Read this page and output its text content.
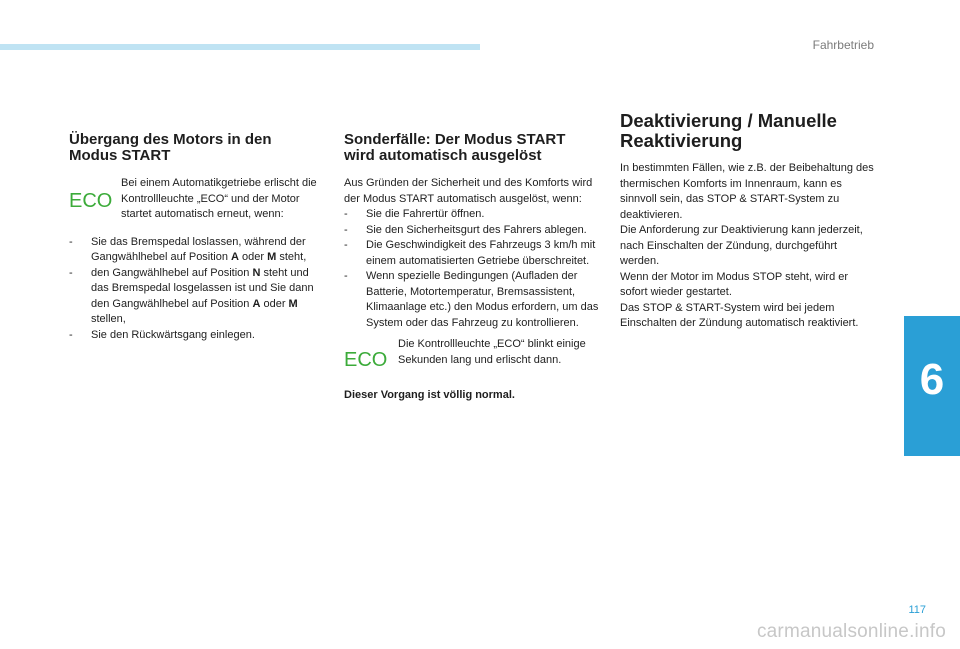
Fahrbetrieb
6
Übergang des Motors in den
Modus START
ECO

Bei einem Automatikgetriebe erlischt die Kontrollleuchte „ECO“ und der Motor startet automatisch erneut, wenn:

- Sie das Bremspedal loslassen, während der Gangwählhebel auf Position A oder M steht,
- den Gangwählhebel auf Position N steht und das Bremspedal losgelassen ist und Sie dann den Gangwählhebel auf Position A oder M stellen,
- Sie den Rückwärtsgang einlegen.
Sonderfälle: Der Modus START
wird automatisch ausgelöst

Aus Gründen der Sicherheit und des Komforts wird der Modus START automatisch ausgelöst, wenn:

- Sie die Fahrertür öffnen.
- Sie den Sicherheitsgurt des Fahrers ablegen.
- Die Geschwindigkeit des Fahrzeugs 3 km/h mit einem automatisierten Getriebe überschreitet.
- Wenn spezielle Bedingungen (Aufladen der Batterie, Motortemperatur, Bremsassistent, Klimaanlage etc.) den Modus erfordern, um das System oder das Fahrzeug zu kontrollieren.
ECO

Die Kontrollleuchte „ECO“ blinkt einige Sekunden lang und erlischt dann.

Dieser Vorgang ist völlig normal.

Deaktivierung / Manuelle
Reaktivierung

In bestimmten Fällen, wie z.B. der Beibehaltung des thermischen Komforts im Innenraum, kann es sinnvoll sein, das STOP & START-System zu deaktivieren.

Die Anforderung zur Deaktivierung kann jederzeit, nach Einschalten der Zündung, durchgeführt werden.

Wenn der Motor im Modus STOP steht, wird er sofort wieder gestartet.

Das STOP & START-System wird bei jedem Einschalten der Zündung automatisch reaktiviert.

117
carmanualsonline.info
